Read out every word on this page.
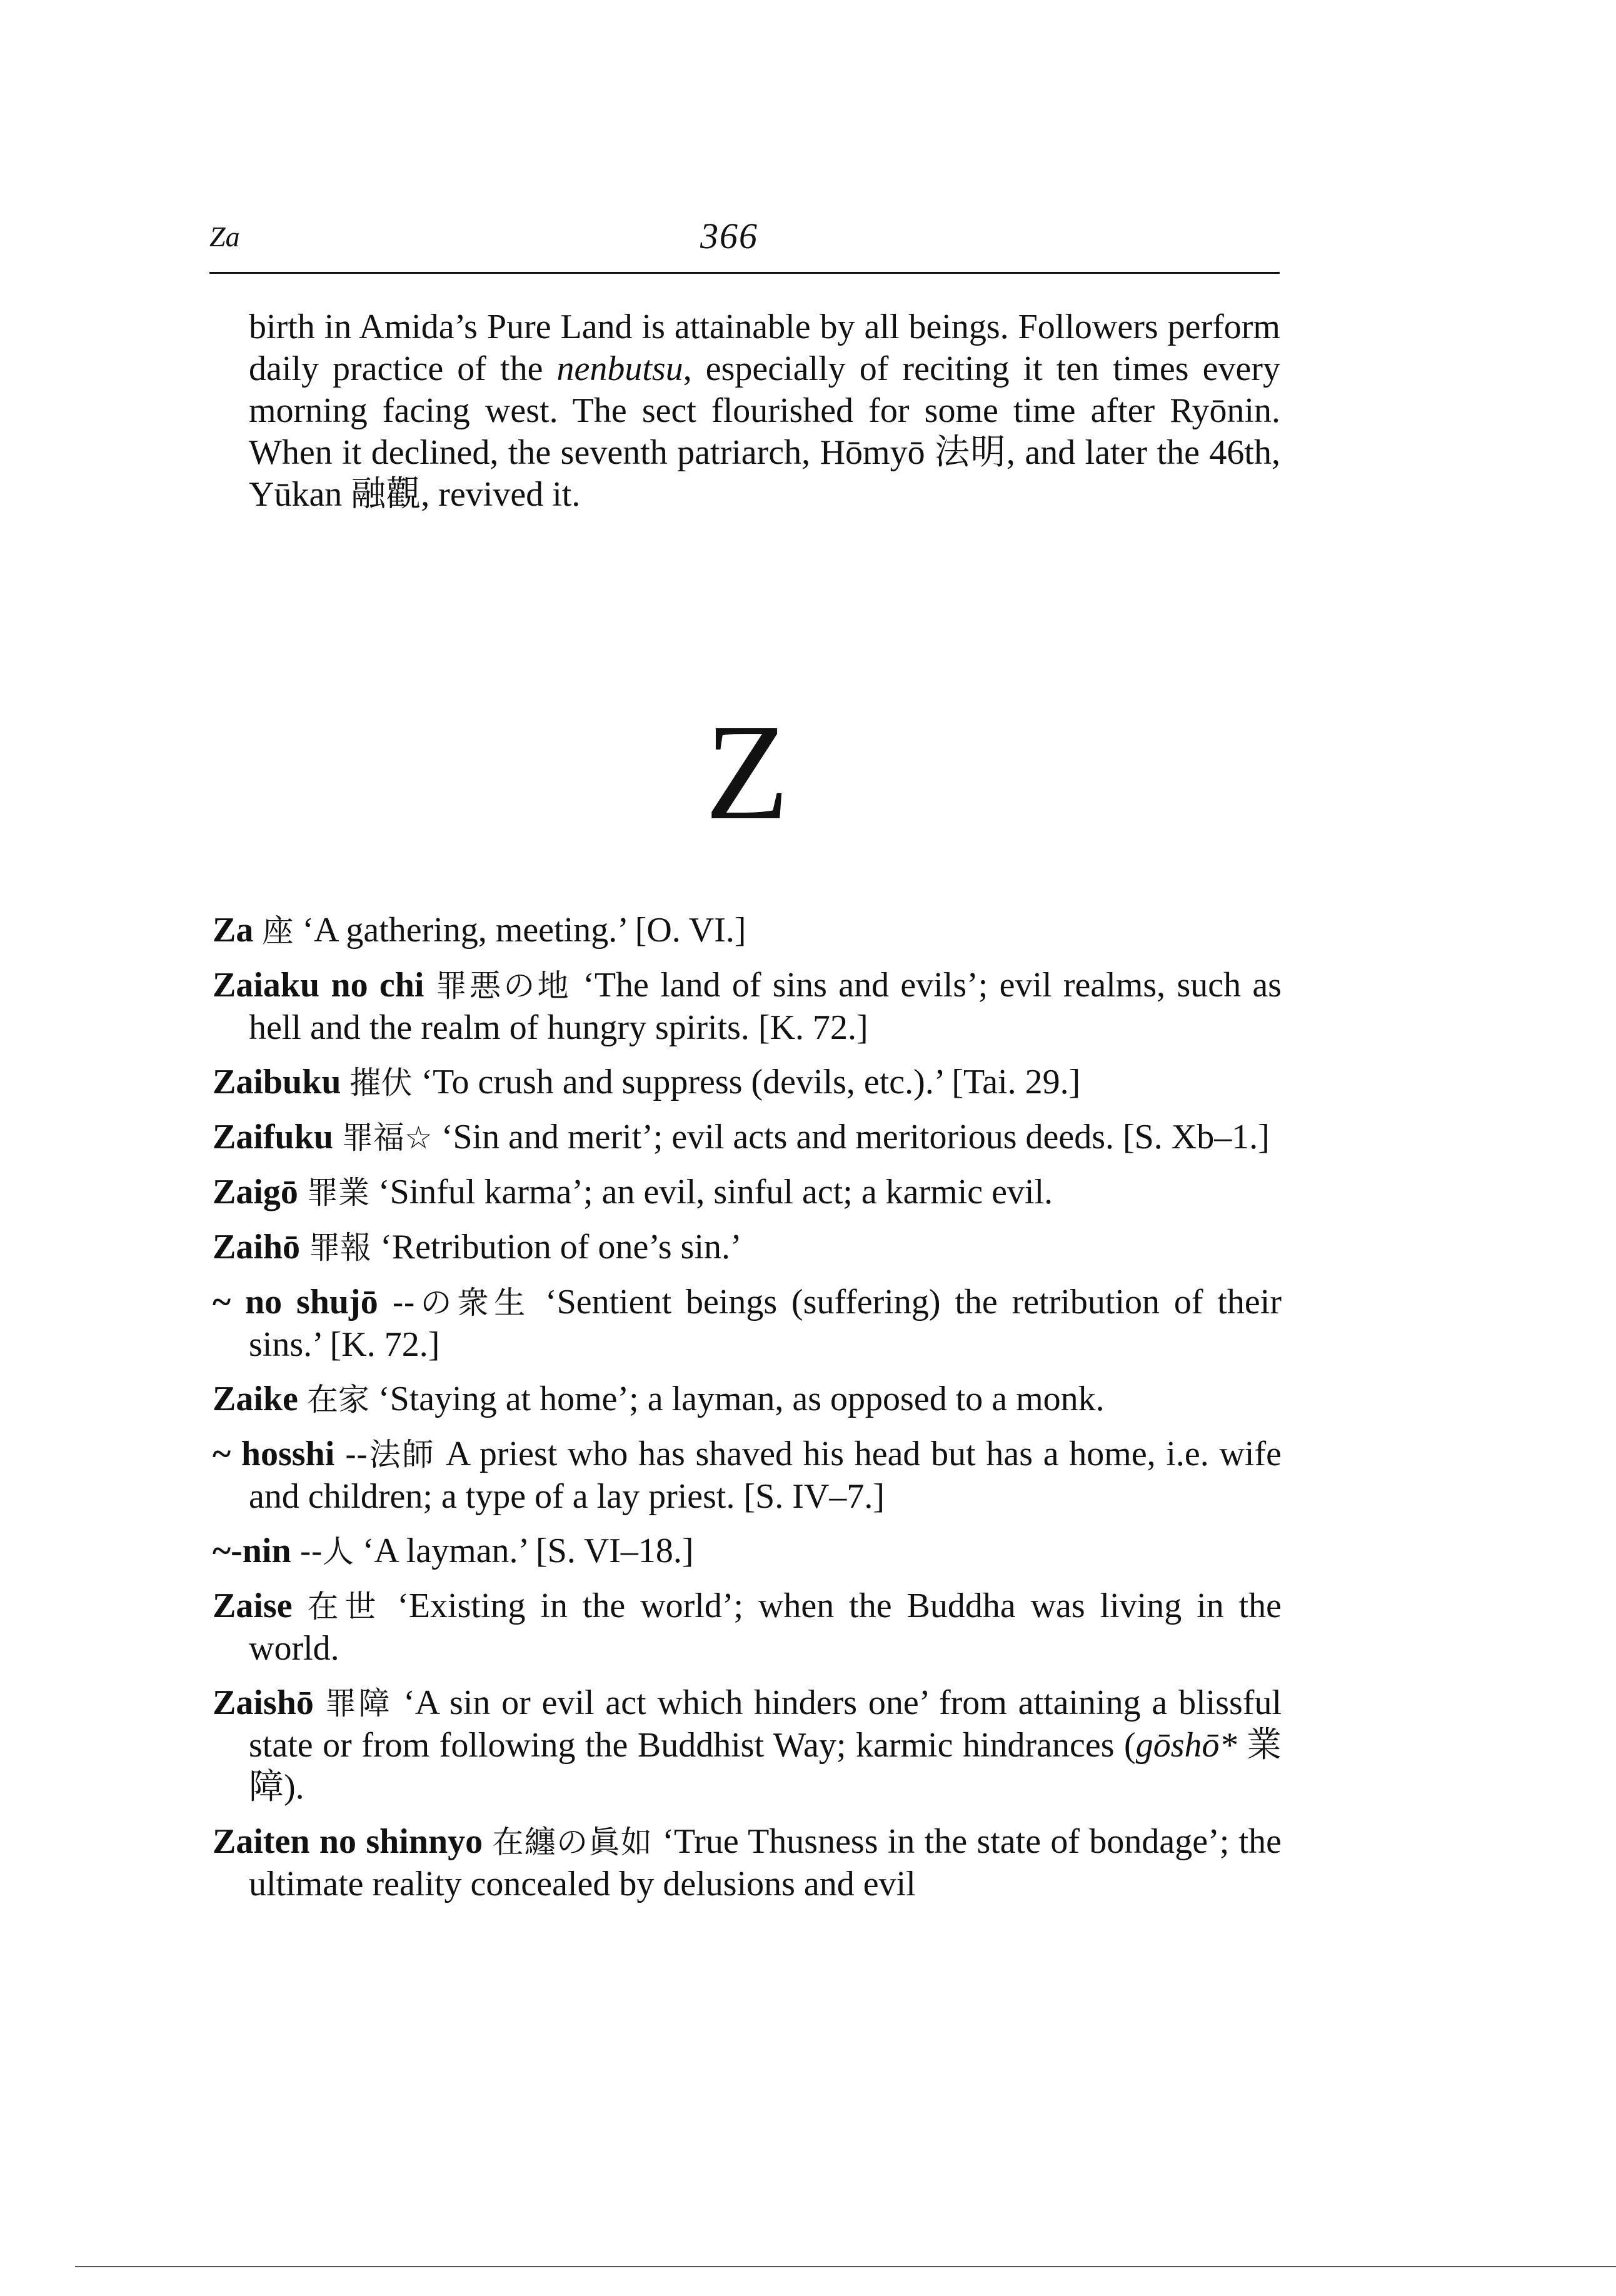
Za	366

birth in Amida’s Pure Land is attainable by all beings. Followers perform daily practice of the nenbutsu, especially of reciting it ten times every morning facing west. The sect flourished for some time after Ryōnin. When it declined, the seventh patriarch, Hōmyō 法明, and later the 46th, Yūkan 融觀, revived it.

Z
Za 座 ‘A gathering, meeting.’ [O. VI.]
Zaiaku no chi 罪悪の地 ‘The land of sins and evils’; evil realms, such as hell and the realm of hungry spirits. [K. 72.]
Zaibuku 摧伏 ‘To crush and suppress (devils, etc.).’ [Tai. 29.]
Zaifuku 罪福☆ ‘Sin and merit’; evil acts and meritorious deeds. [S. Xb–1.]
Zaigō 罪業 ‘Sinful karma’; an evil, sinful act; a karmic evil.
Zaihō 罪報 ‘Retribution of one’s sin.’
~ no shujō --の衆生 ‘Sentient beings (suffering) the retribution of their sins.’ [K. 72.]
Zaike 在家 ‘Staying at home’; a layman, as opposed to a monk.
~ hosshi --法師 A priest who has shaved his head but has a home, i.e. wife and children; a type of a lay priest. [S. IV–7.]
~-nin --人 ‘A layman.’ [S. VI–18.]
Zaise 在世 ‘Existing in the world’; when the Buddha was living in the world.
Zaishō 罪障 ‘A sin or evil act which hinders one’ from attaining a blissful state or from following the Buddhist Way; karmic hindrances (gōshō* 業障).
Zaiten no shinnyo 在纏の眞如 ‘True Thusness in the state of bondage’; the ultimate reality concealed by delusions and evil
